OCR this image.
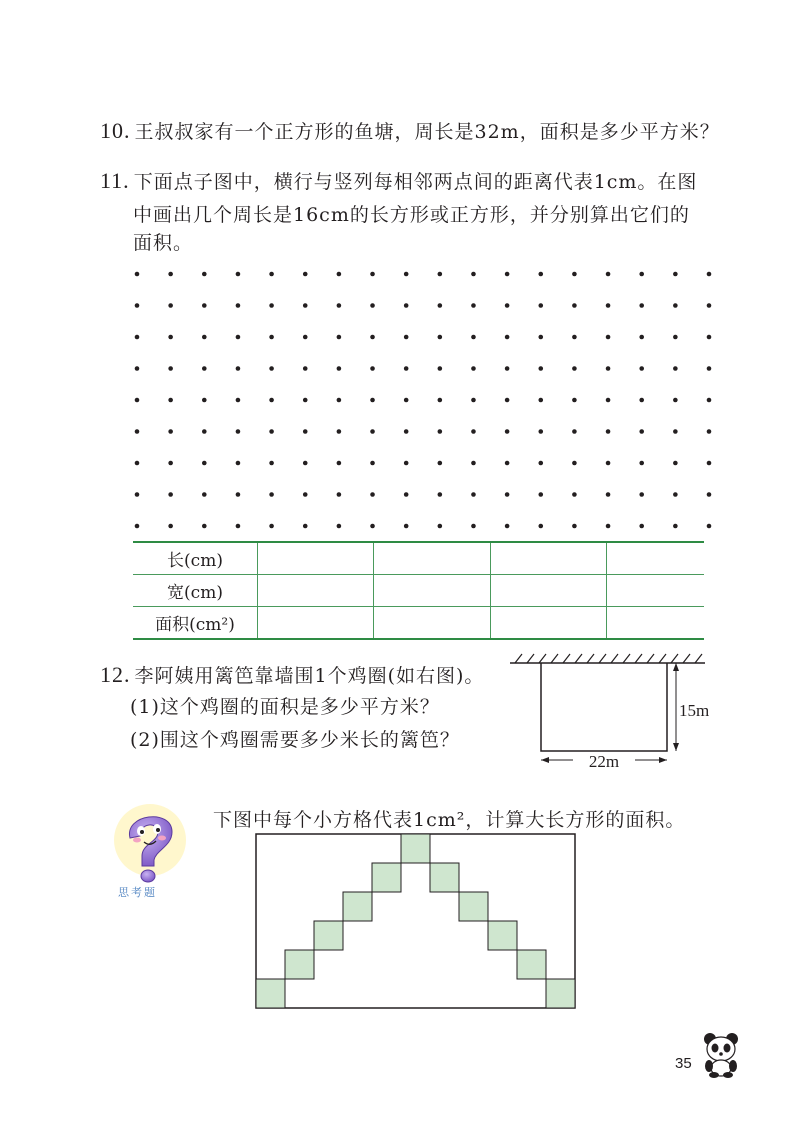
10. 王叔叔家有一个正方形的鱼塘，周长是32m，面积是多少平方米？
11. 下面点子图中，横行与竖列每相邻两点间的距离代表1cm。在图
中画出几个周长是16cm的长方形或正方形，并分别算出它们的
面积。
长(cm)				
宽(cm)				
面积(cm²)				
12. 李阿姨用篱笆靠墙围1个鸡圈(如右图)。
(1)这个鸡圈的面积是多少平方米？
(2)围这个鸡圈需要多少米长的篱笆？
15m
22m
思考题
下图中每个小方格代表1cm²，计算大长方形的面积。
35
